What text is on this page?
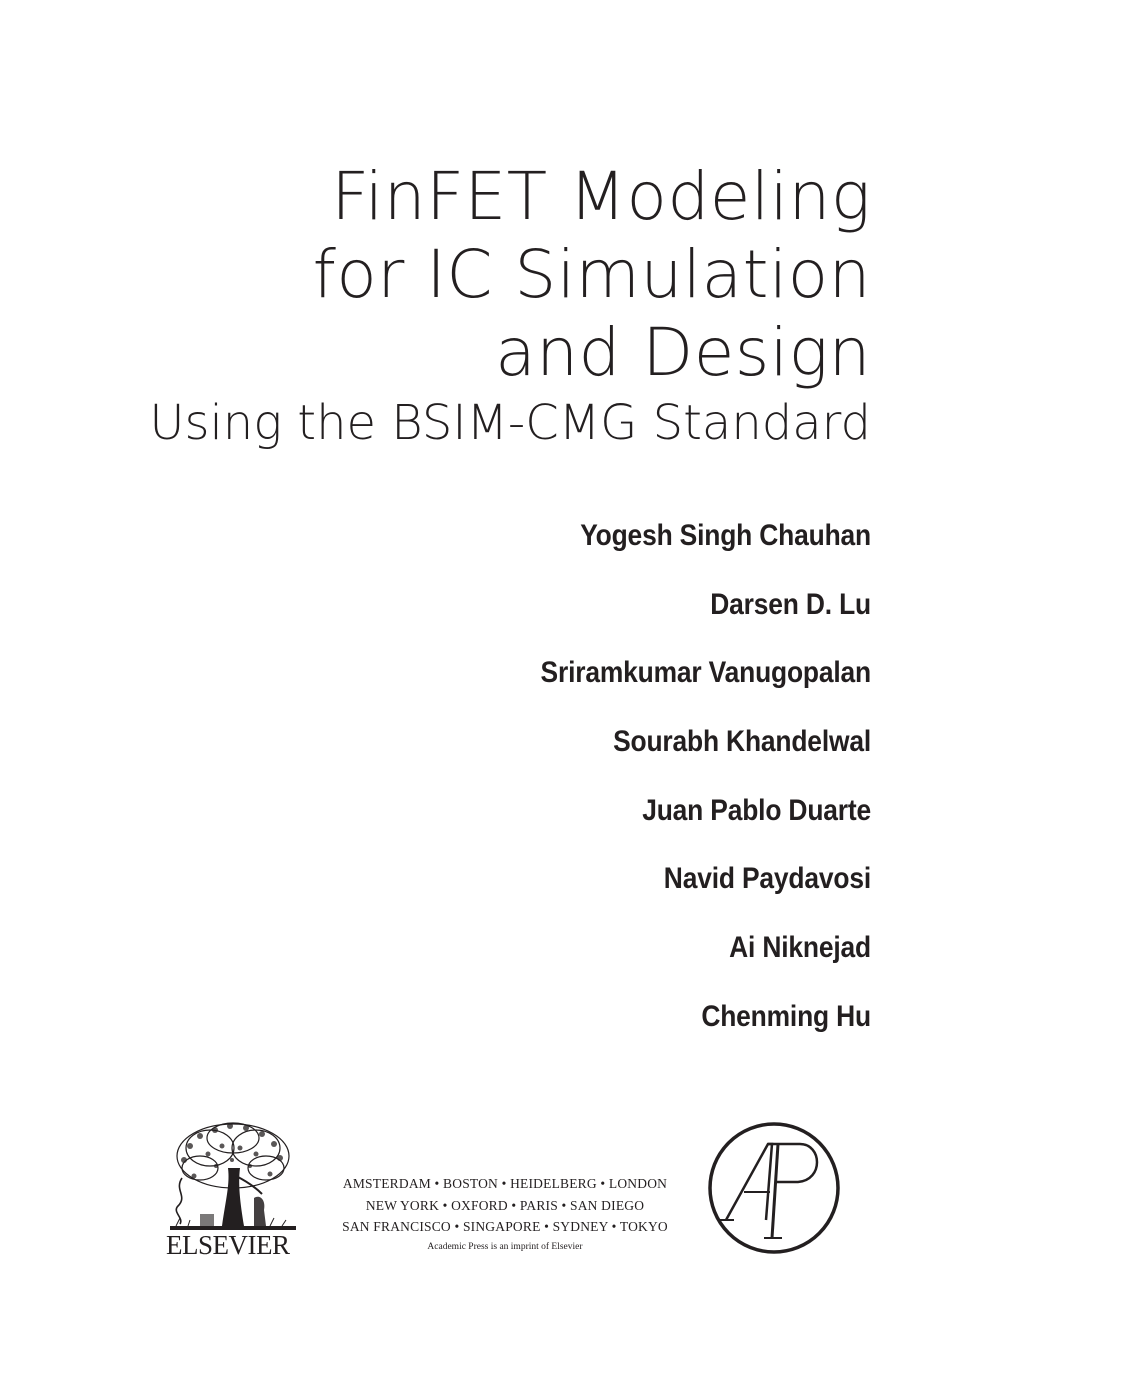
FinFET Modeling
for IC Simulation
and Design
Using the BSIM-CMG Standard
Yogesh Singh Chauhan
Darsen D. Lu
Sriramkumar Vanugopalan
Sourabh Khandelwal
Juan Pablo Duarte
Navid Paydavosi
Ai Niknejad
Chenming Hu
ELSEVIER
AMSTERDAM • BOSTON • HEIDELBERG • LONDON
NEW YORK • OXFORD • PARIS • SAN DIEGO
SAN FRANCISCO • SINGAPORE • SYDNEY • TOKYO
Academic Press is an imprint of Elsevier
